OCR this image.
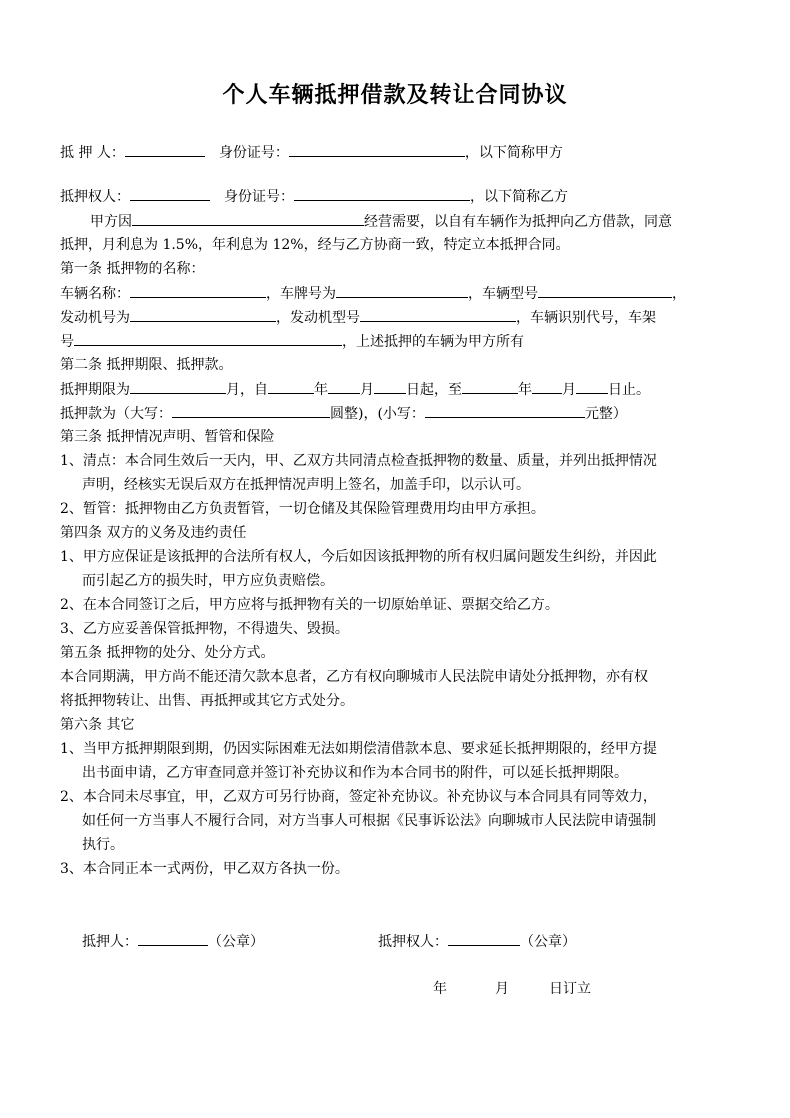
个人车辆抵押借款及转让合同协议
抵 押 人：	身份证号：	，以下简称甲方
抵押权人：	身份证号：	，以下简称乙方
甲方因	经营需要，以自有车辆作为抵押向乙方借款，同意
抵押，月利息为 1.5%，年利息为 12%，经与乙方协商一致，特定立本抵押合同。
第一条 抵押物的名称：
车辆名称：	，车牌号为	，车辆型号	，
发动机号为	，发动机型号	，车辆识别代号，车架
号	，上述抵押的车辆为甲方所有
第二条 抵押期限、抵押款。
抵押期限为	月，自	年 月 日起，至	年 月 日止。
抵押款为（大写：	圆整)，(小写：	元整）
第三条 抵押情况声明、暂管和保险
1、清点：本合同生效后一天内，甲、乙双方共同清点检查抵押物的数量、质量，并列出抵押情况
声明，经核实无误后双方在抵押情况声明上签名，加盖手印，以示认可。
2、暂管：抵押物由乙方负责暂管，一切仓储及其保险管理费用均由甲方承担。
第四条 双方的义务及违约责任
1、甲方应保证是该抵押的合法所有权人，今后如因该抵押物的所有权归属问题发生纠纷，并因此
而引起乙方的损失时，甲方应负责赔偿。
2、在本合同签订之后，甲方应将与抵押物有关的一切原始单证、票据交给乙方。
3、乙方应妥善保管抵押物，不得遗失、毁损。
第五条 抵押物的处分、处分方式。
本合同期满，甲方尚不能还清欠款本息者，乙方有权向聊城市人民法院申请处分抵押物，亦有权
将抵押物转让、出售、再抵押或其它方式处分。
第六条 其它
1、当甲方抵押期限到期，仍因实际困难无法如期偿清借款本息、要求延长抵押期限的，经甲方提
出书面申请，乙方审查同意并签订补充协议和作为本合同书的附件，可以延长抵押期限。
2、本合同未尽事宜，甲，乙双方可另行协商，签定补充协议。补充协议与本合同具有同等效力，
如任何一方当事人不履行合同，对方当事人可根据《民事诉讼法》向聊城市人民法院申请强制
执行。
3、本合同正本一式两份，甲乙双方各执一份。
抵押人：	（公章）	抵押权人：	（公章）
年	月	日订立
